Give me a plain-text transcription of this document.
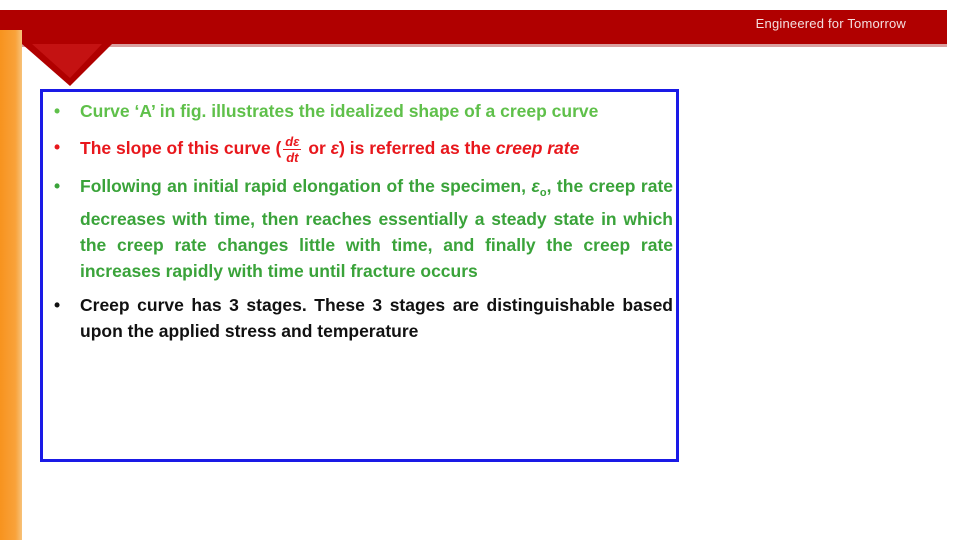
Engineered for Tomorrow
• Curve ‘A’ in fig. illustrates the idealized shape of a creep curve
• The slope of this curve ( $\frac{d\varepsilon}{dt}$ or ε̇) is referred as the creep rate
• Following an initial rapid elongation of the specimen, $\varepsilon_o$, the creep rate decreases with time, then reaches essentially a steady state in which the creep rate changes little with time, and finally the creep rate increases rapidly with time until fracture occurs
• Creep curve has 3 stages. These 3 stages are distinguishable based upon the applied stress and temperature
